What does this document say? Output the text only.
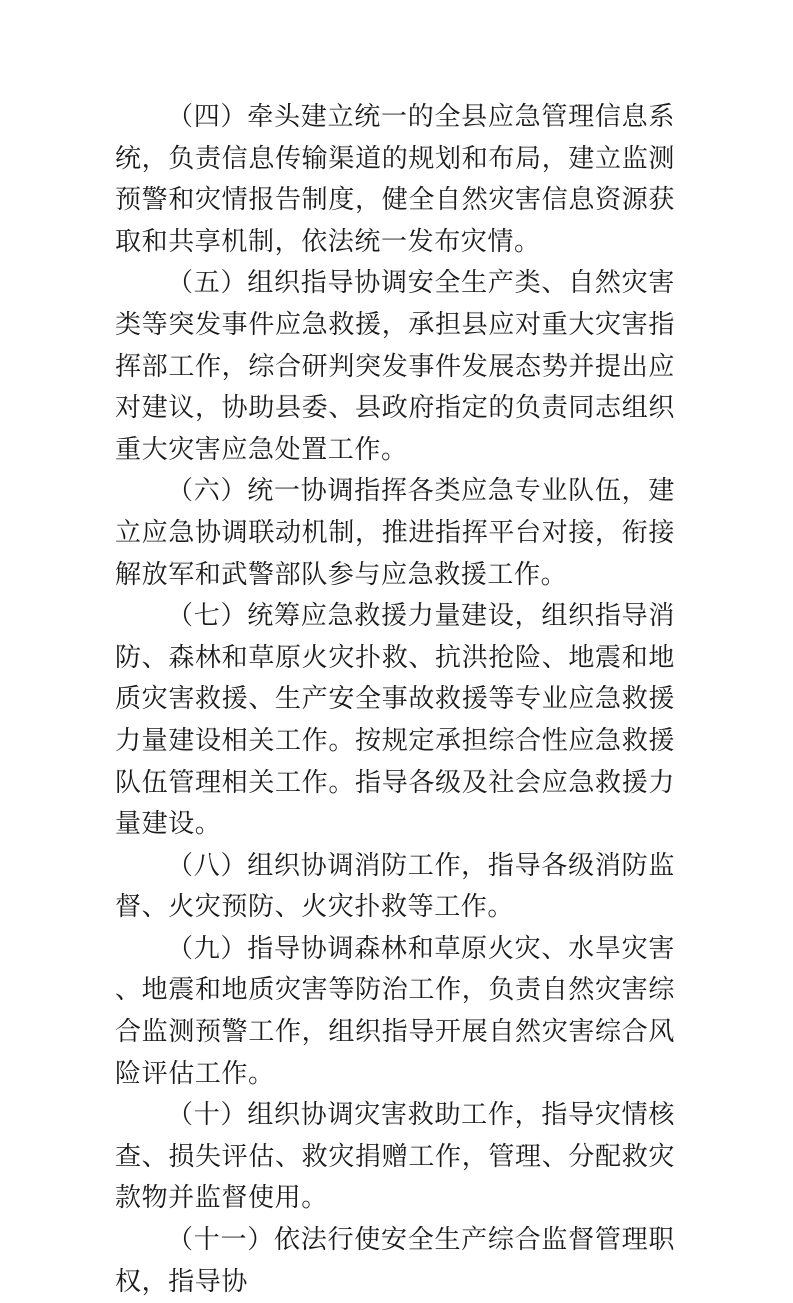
（四）牵头建立统一的全县应急管理信息系统，负责信息传输渠道的规划和布局，建立监测预警和灾情报告制度，健全自然灾害信息资源获取和共享机制，依法统一发布灾情。

（五）组织指导协调安全生产类、自然灾害类等突发事件应急救援，承担县应对重大灾害指挥部工作，综合研判突发事件发展态势并提出应对建议，协助县委、县政府指定的负责同志组织重大灾害应急处置工作。

（六）统一协调指挥各类应急专业队伍，建立应急协调联动机制，推进指挥平台对接，衔接解放军和武警部队参与应急救援工作。

（七）统筹应急救援力量建设，组织指导消防、森林和草原火灾扑救、抗洪抢险、地震和地质灾害救援、生产安全事故救援等专业应急救援力量建设相关工作。按规定承担综合性应急救援队伍管理相关工作。指导各级及社会应急救援力量建设。

（八）组织协调消防工作，指导各级消防监督、火灾预防、火灾扑救等工作。

（九）指导协调森林和草原火灾、水旱灾害、地震和地质灾害等防治工作，负责自然灾害综合监测预警工作，组织指导开展自然灾害综合风险评估工作。

（十）组织协调灾害救助工作，指导灾情核查、损失评估、救灾捐赠工作，管理、分配救灾款物并监督使用。

（十一）依法行使安全生产综合监督管理职权，指导协
